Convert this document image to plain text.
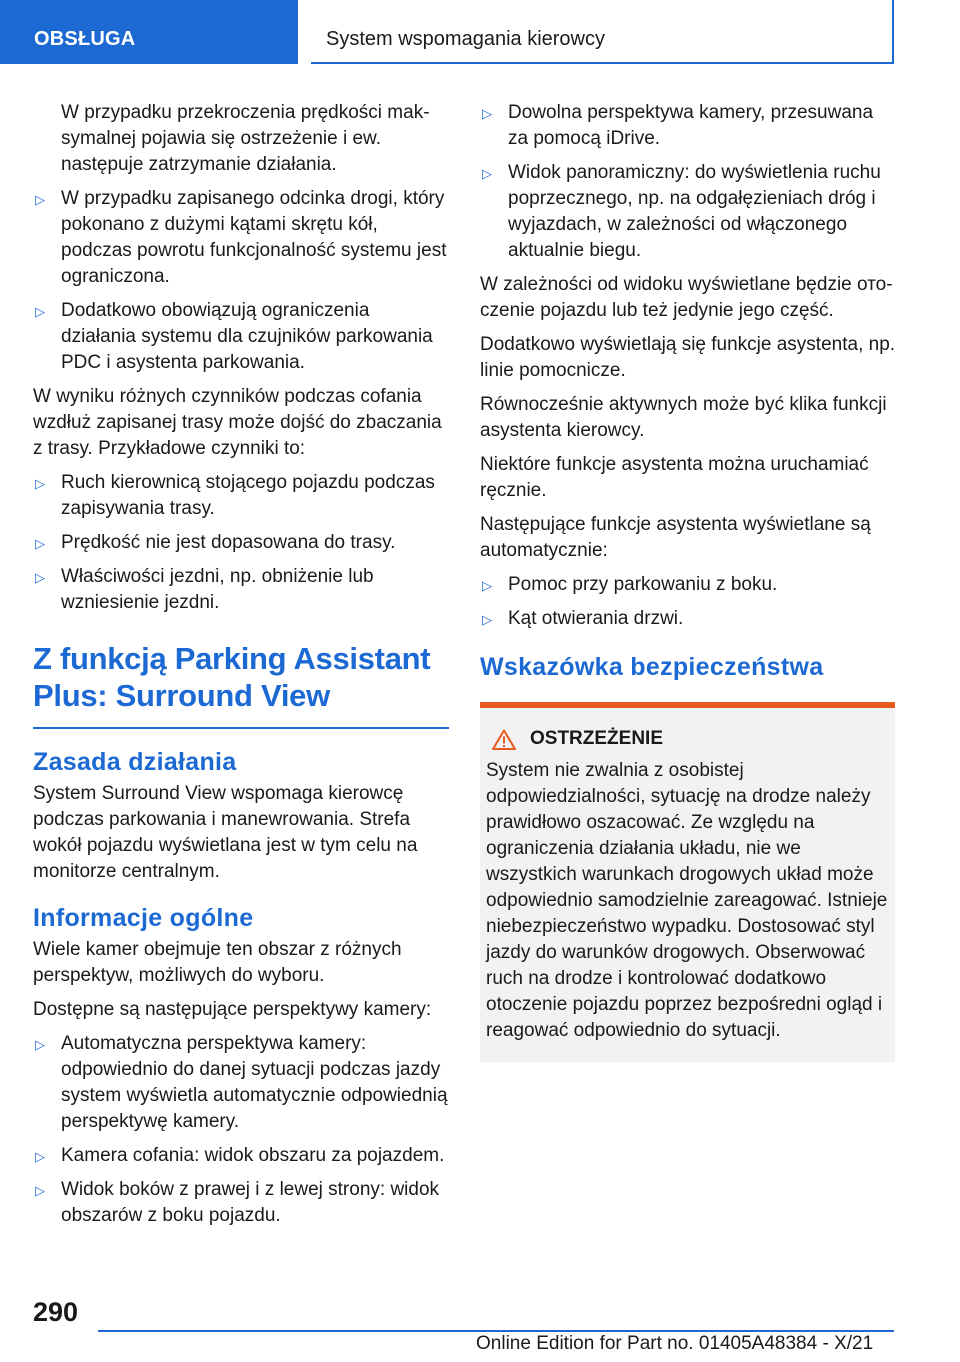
OBSŁUGA	System wspomagania kierowcy

W przypadku przekroczenia prędkości mak-symalnej pojawia się ostrzeżenie i ew. następuje zatrzymanie działania.

▷ W przypadku zapisanego odcinka drogi, który pokonano z dużymi kątami skrętu kół, podczas powrotu funkcjonalność systemu jest ograniczona.
▷ Dodatkowo obowiązują ograniczenia działania systemu dla czujników parkowania PDC i asystenta parkowania.

W wyniku różnych czynników podczas cofania wzdłuż zapisanej trasy może dojść do zbaczania z trasy. Przykładowe czynniki to:

▷ Ruch kierownicą stojącego pojazdu podczas zapisywania trasy.
▷ Prędkość nie jest dopasowana do trasy.
▷ Właściwości jezdni, np. obniżenie lub wzniesienie jezdni.
Z funkcją Parking Assistant Plus: Surround View
Zasada działania

System Surround View wspomaga kierowcę podczas parkowania i manewrowania. Strefa wokół pojazdu wyświetlana jest w tym celu na monitorze centralnym.

Informacje ogólne

Wiele kamer obejmuje ten obszar z różnych perspektyw, możliwych do wyboru.

Dostępne są następujące perspektywy kamery:

▷ Automatyczna perspektywa kamery: odpowiednio do danej sytuacji podczas jazdy system wyświetla automatycznie odpowiednią perspektywę kamery.
▷ Kamera cofania: widok obszaru za pojazdem.
▷ Widok boków z prawej i z lewej strony: widok obszarów z boku pojazdu.
▷ Dowolna perspektywa kamery, przesuwana za pomocą iDrive.
▷ Widok panoramiczny: do wyświetlenia ruchu poprzecznego, np. na odgałęzieniach dróg i wyjazdach, w zależności od włączonego aktualnie biegu.

W zależności od widoku wyświetlane będzie ото-czenie pojazdu lub też jedynie jego część.

Dodatkowo wyświetlają się funkcje asystenta, np. linie pomocnicze.

Równocześnie aktywnych może być klika funkcji asystenta kierowcy.

Niektóre funkcje asystenta można uruchamiać ręcznie.

Następujące funkcje asystenta wyświetlane są automatycznie:

▷ Pomoc przy parkowaniu z boku.
▷ Kąt otwierania drzwi.
Wskazówka bezpieczeństwa
OSTRZEŻENIE

System nie zwalnia z osobistej odpowiedzialności, sytuację na drodze należy prawidłowo oszacować. Ze względu na ograniczenia działania układu, nie we wszystkich warunkach drogowych układ może odpowiednio samodzielnie zareagować. Istnieje niebezpieczeństwo wypadku. Dostosować styl jazdy do warunków drogowych. Obserwować ruch na drodze i kontrolować dodatkowo otoczenie pojazdu poprzez bezpośredni ogląd i reagować odpowiednio do sytuacji.

290
Online Edition for Part no. 01405A48384 - X/21
